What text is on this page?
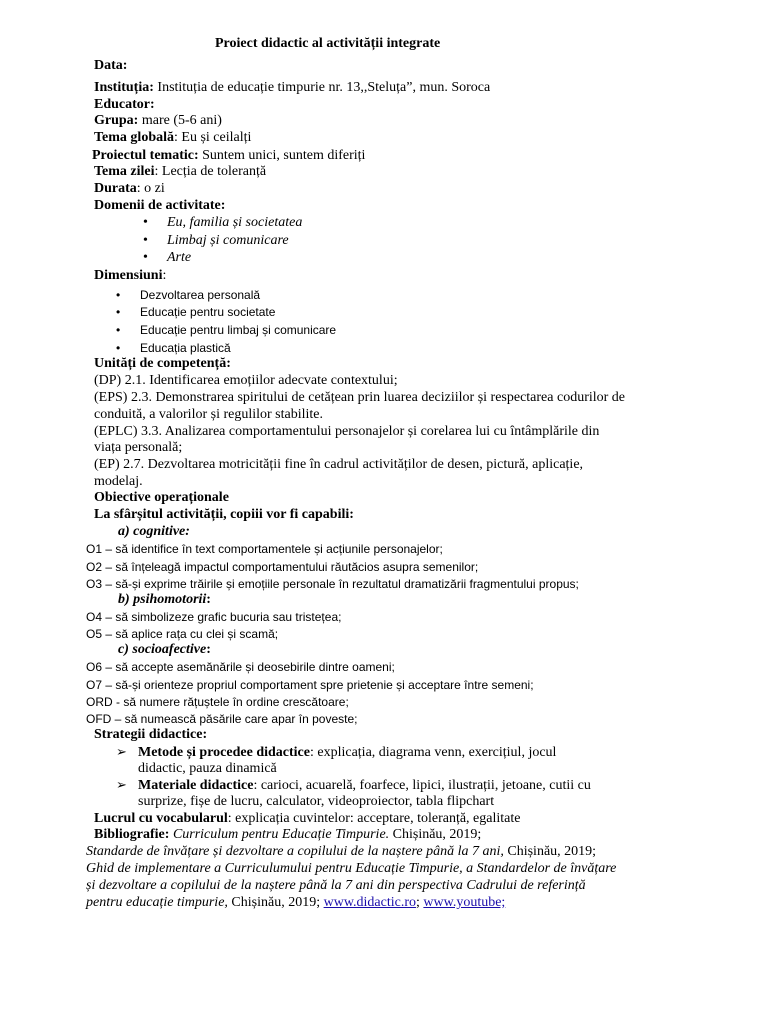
Proiect didactic al activității integrate
Data:
Instituția: Instituția de educație timpurie nr. 13,,Steluța”, mun. Soroca
Educator:
Grupa: mare (5-6 ani)
Tema globală: Eu și ceilalți
Proiectul tematic: Suntem unici, suntem diferiți
Tema zilei: Lecția de toleranță
Durata: o zi
Domenii de activitate:
• Eu, familia și societatea
• Limbaj și comunicare
• Arte
Dimensiuni:
• Dezvoltarea personală
• Educație pentru societate
• Educație pentru limbaj și comunicare
• Educația plastică
Unități de competență:
(DP) 2.1. Identificarea emoțiilor adecvate contextului;
(EPS) 2.3. Demonstrarea spiritului de cetățean prin luarea deciziilor și respectarea codurilor de
conduită, a valorilor și regulilor stabilite.
(EPLC) 3.3. Analizarea comportamentului personajelor și corelarea lui cu întâmplările din
viața personală;
(EP) 2.7. Dezvoltarea motricității fine în cadrul activităților de desen, pictură, aplicație,
modelaj.
Obiective operaționale
La sfârșitul activității, copiii vor fi capabili:
a) cognitive:
O1 – să identifice în text comportamentele și acțiunile personajelor;
O2 – să înțeleagă impactul comportamentului răutăcios asupra semenilor;
O3 – să-și exprime trăirile și emoțiile personale în rezultatul dramatizării fragmentului propus;
b) psihomotorii:
O4 – să simbolizeze grafic bucuria sau tristețea;
O5 – să aplice rața cu clei și scamă;
c) socioafective:
O6 – să accepte asemănările și deosebirile dintre oameni;
O7 – să-și orienteze propriul comportament spre prietenie și acceptare între semeni;
ORD - să numere rățuștele în ordine crescătoare;
OFD – să numească păsările care apar în poveste;
Strategii didactice:
➢ Metode și procedee didactice: explicația, diagrama venn, exercițiul, jocul
didactic, pauza dinamică
➢ Materiale didactice: carioci, acuarelă, foarfece, lipici, ilustrații, jetoane, cutii cu
surprize, fișe de lucru, calculator, videoproiector, tabla flipchart
Lucrul cu vocabularul: explicația cuvintelor: acceptare, toleranță, egalitate
Bibliografie: Curriculum pentru Educație Timpurie. Chișinău, 2019;
Standarde de învățare și dezvoltare a copilului de la naștere până la 7 ani, Chișinău, 2019;
Ghid de implementare a Curriculumului pentru Educație Timpurie, a Standardelor de învățare
și dezvoltare a copilului de la naștere până la 7 ani din perspectiva Cadrului de referință
pentru educație timpurie, Chișinău, 2019; www.didactic.ro; www.youtube;
